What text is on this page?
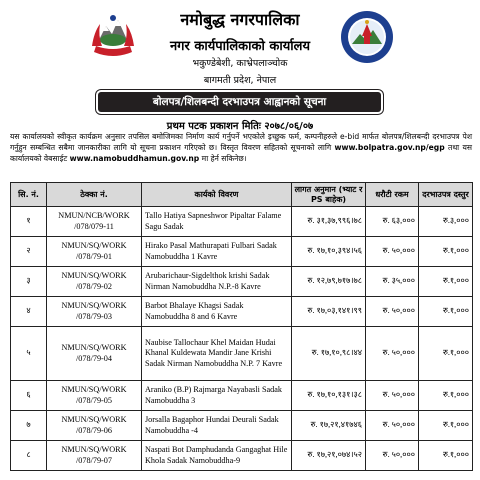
नमोबुद्ध नगरपालिका
नगर कार्यपालिकाको कार्यालय
भकुण्डेबेशी, काभ्रेपलाञ्चोक
बागमती प्रदेश, नेपाल
बोलपत्र/शिलबन्दी दरभाउपत्र आह्वानको सूचना
प्रथम पटक प्रकाशन मितिः २०७८/०६/०७
यस कार्यालयको स्वीकृत कार्यक्रम अनुसार तपसिल बमोजिमका निर्माण कार्य गर्नुपर्ने भएकोले इच्छुक फर्म, कम्पनीहरुले e-bid मार्फत बोलपत्र/शिलबन्दी दरभाउपत्र पेश गर्नुहुन सम्बन्धित सबैमा जानकारीका लागि यो सूचना प्रकाशन गरिएको छ। विस्तृत विवरण सहितको सूचनाको लागि www.bolpatra.gov.np/egp तथा यस कार्यालयको वेबसाईट www.namobuddhamun.gov.np मा हेर्न सकिनेछ।
सि. नं.	ठेक्का नं.	कार्यको विवरण	लागत अनुमान (भ्याट र PS बाहेक)	धरौटी रकम	दरभाउपत्र दस्तुर
१	NMUN/NCB/WORK /078/079-11	Tallo Hatiya Sapneshwor Pipaltar Falame Sagu Sadak	रु. ३१,३७,९९६।७८	रु. ६३,०००	रु.३,०००
२	NMUN/SQ/WORK /078/79-01	Hirako Pasal Mathurapati Fulbari Sadak Namobuddha 1 Kavre	रु. १७,१०,३९४।५६	रु. ५०,०००	रु.१,०००
३	NMUN/SQ/WORK /078/79-02	Arubarichaur-Sigdelthok krishi Sadak Nirman Namobuddha N.P.-8 Kavre	रु. १२,७९,७१७।७८	रु. ३५,०००	रु.१,०००
४	NMUN/SQ/WORK /078/79-03	Barbot Bhalaye Khagsi Sadak Namobuddha 8 and 6 Kavre	रु. १७,०३,१४१।९९	रु. ५०,०००	रु.१,०००
५	NMUN/SQ/WORK /078/79-04	Naubise Tallochaur Khel Maidan Hudai Khanal Kuldewata Mandir Jane Krishi Sadak Nirman Namobuddha N.P. 7 Kavre	रु. १७,१०,९८।४४	रु. ५०,०००	रु.१,०००
६	NMUN/SQ/WORK /078/79-05	Araniko (B.P) Rajmarga Nayabasli Sadak Namobuddha 3	रु. १७,१०,१३१।३८	रु. ५०,०००	रु.१,०००
७	NMUN/SQ/WORK /078/79-06	Jorsalla Bagaphor Hundai Deurali Sadak Namobuddha -4	रु. १७,२१,४१७४६	रु. ५०,०००	रु.१,०००
८	NMUN/SQ/WORK /078/79-07	Naspati Bot Damphudanda Gangaghat Hile Khola Sadak Namobuddha-9	रु. १७,२१,०७४।५२	रु. ५०,०००	रु.१,०००
